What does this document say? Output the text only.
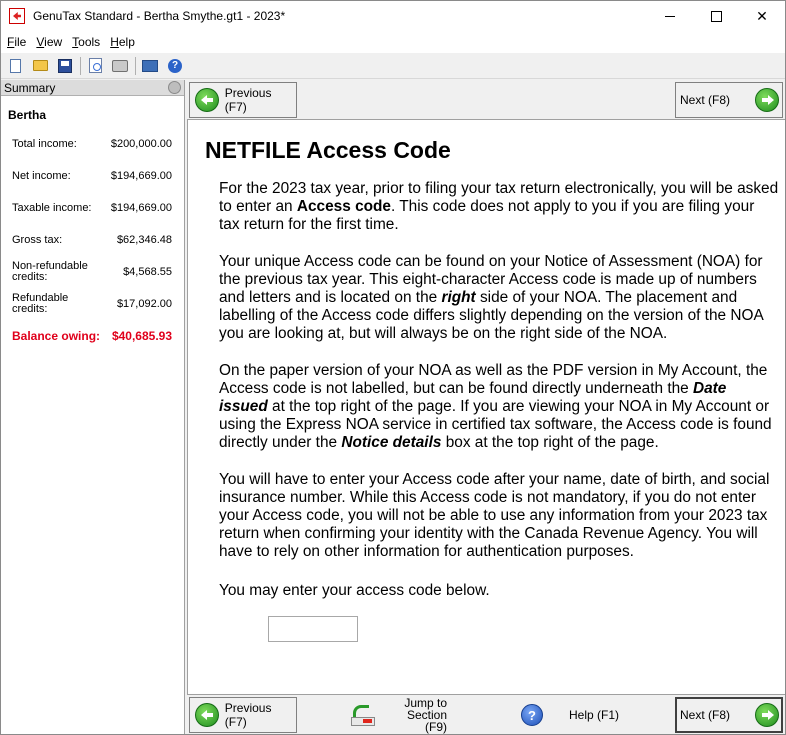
GenuTax Standard - Bertha Smythe.gt1 - 2023*	✕
File View Tools Help
?
Summary
Bertha
Total income:	$200,000.00
Net income:	$194,669.00
Taxable income:	$194,669.00
Gross tax:	$62,346.48
Non-refundable credits:	$4,568.55
Refundable credits:	$17,092.00
Balance owing: $40,685.93
Previous (F7)	Next (F8)
NETFILE Access Code

For the 2023 tax year, prior to filing your tax return electronically, you will be asked to enter an Access code. This code does not apply to you if you are filing your tax return for the first time.

Your unique Access code can be found on your Notice of Assessment (NOA) for the previous tax year. This eight-character Access code is made up of numbers and letters and is located on the right side of your NOA. The placement and labelling of the Access code differs slightly depending on the version of the NOA you are looking at, but will always be on the right side of the NOA.

On the paper version of your NOA as well as the PDF version in My Account, the Access code is not labelled, but can be found directly underneath the Date issued at the top right of the page. If you are viewing your NOA in My Account or using the Express NOA service in certified tax software, the Access code is found directly under the Notice details box at the top right of the page.

You will have to enter your Access code after your name, date of birth, and social insurance number. While this Access code is not mandatory, if you do not enter your Access code, you will not be able to use any information from your 2023 tax return when confirming your identity with the Canada Revenue Agency. You will have to rely on other information for authentication purposes.

You may enter your access code below.

Previous (F7)
Jump to Section (F9)
?	Help (F1)	Next (F8)
